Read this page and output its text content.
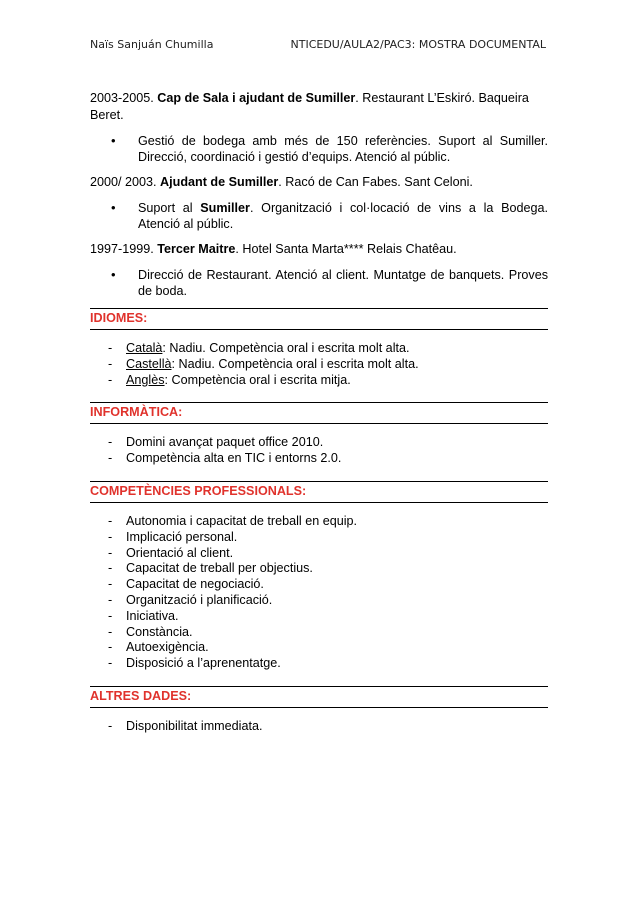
Naïs Sanjuán Chumilla	NTICEDU/AULA2/PAC3: MOSTRA DOCUMENTAL

2003-2005. Cap de Sala i ajudant de Sumiller. Restaurant L’Eskiró. Baqueira Beret.

• Gestió de bodega amb més de 150 referències. Suport al Sumiller. Direcció, coordinació i gestió d’equips. Atenció al públic.

2000/ 2003. Ajudant de Sumiller. Racó de Can Fabes. Sant Celoni.

• Suport al Sumiller. Organització i col·locació de vins a la Bodega. Atenció al públic.

1997-1999. Tercer Maitre. Hotel Santa Marta**** Relais Chatêau.

• Direcció de Restaurant. Atenció al client. Muntatge de banquets. Proves de boda.
IDIOMES:
- Català: Nadiu. Competència oral i escrita molt alta.
- Castellà: Nadiu. Competència oral i escrita molt alta.
- Anglès: Competència oral i escrita mitja.
INFORMÀTICA:
- Domini avançat paquet office 2010.
- Competència alta en TIC i entorns 2.0.
COMPETÈNCIES PROFESSIONALS:
- Autonomia i capacitat de treball en equip.
- Implicació personal.
- Orientació al client.
- Capacitat de treball per objectius.
- Capacitat de negociació.
- Organització i planificació.
- Iniciativa.
- Constància.
- Autoexigència.
- Disposició a l’aprenentatge.
ALTRES DADES:
- Disponibilitat immediata.
